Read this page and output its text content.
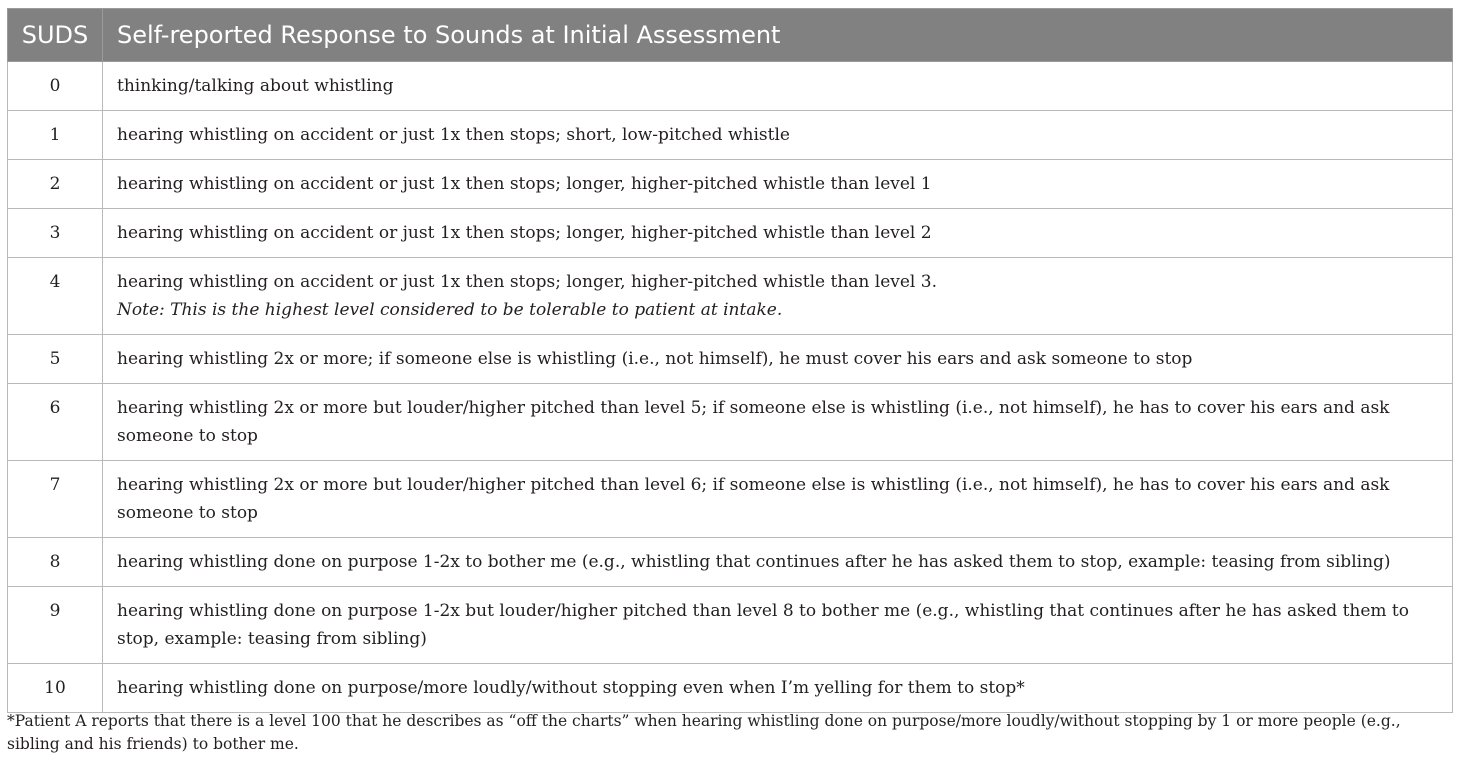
SUDS	Self-reported Response to Sounds at Initial Assessment
0	thinking/talking about whistling
1	hearing whistling on accident or just 1x then stops; short, low-pitched whistle
2	hearing whistling on accident or just 1x then stops; longer, higher-pitched whistle than level 1
3	hearing whistling on accident or just 1x then stops; longer, higher-pitched whistle than level 2
4	hearing whistling on accident or just 1x then stops; longer, higher-pitched whistle than level 3.
Note: This is the highest level considered to be tolerable to patient at intake.

5	hearing whistling 2x or more; if someone else is whistling (i.e., not himself), he must cover his ears and ask someone to stop
6	hearing whistling 2x or more but louder/higher pitched than level 5; if someone else is whistling (i.e., not himself), he has to cover his ears and ask someone to stop
7	hearing whistling 2x or more but louder/higher pitched than level 6; if someone else is whistling (i.e., not himself), he has to cover his ears and ask someone to stop
8	hearing whistling done on purpose 1-2x to bother me (e.g., whistling that continues after he has asked them to stop, example: teasing from sibling)
9	hearing whistling done on purpose 1-2x but louder/higher pitched than level 8 to bother me (e.g., whistling that continues after he has asked them to stop, example: teasing from sibling)
10	hearing whistling done on purpose/more loudly/without stopping even when I’m yelling for them to stop*
*Patient A reports that there is a level 100 that he describes as “off the charts” when hearing whistling done on purpose/more loudly/without stopping by 1 or more people (e.g., sibling and his friends) to bother me.
